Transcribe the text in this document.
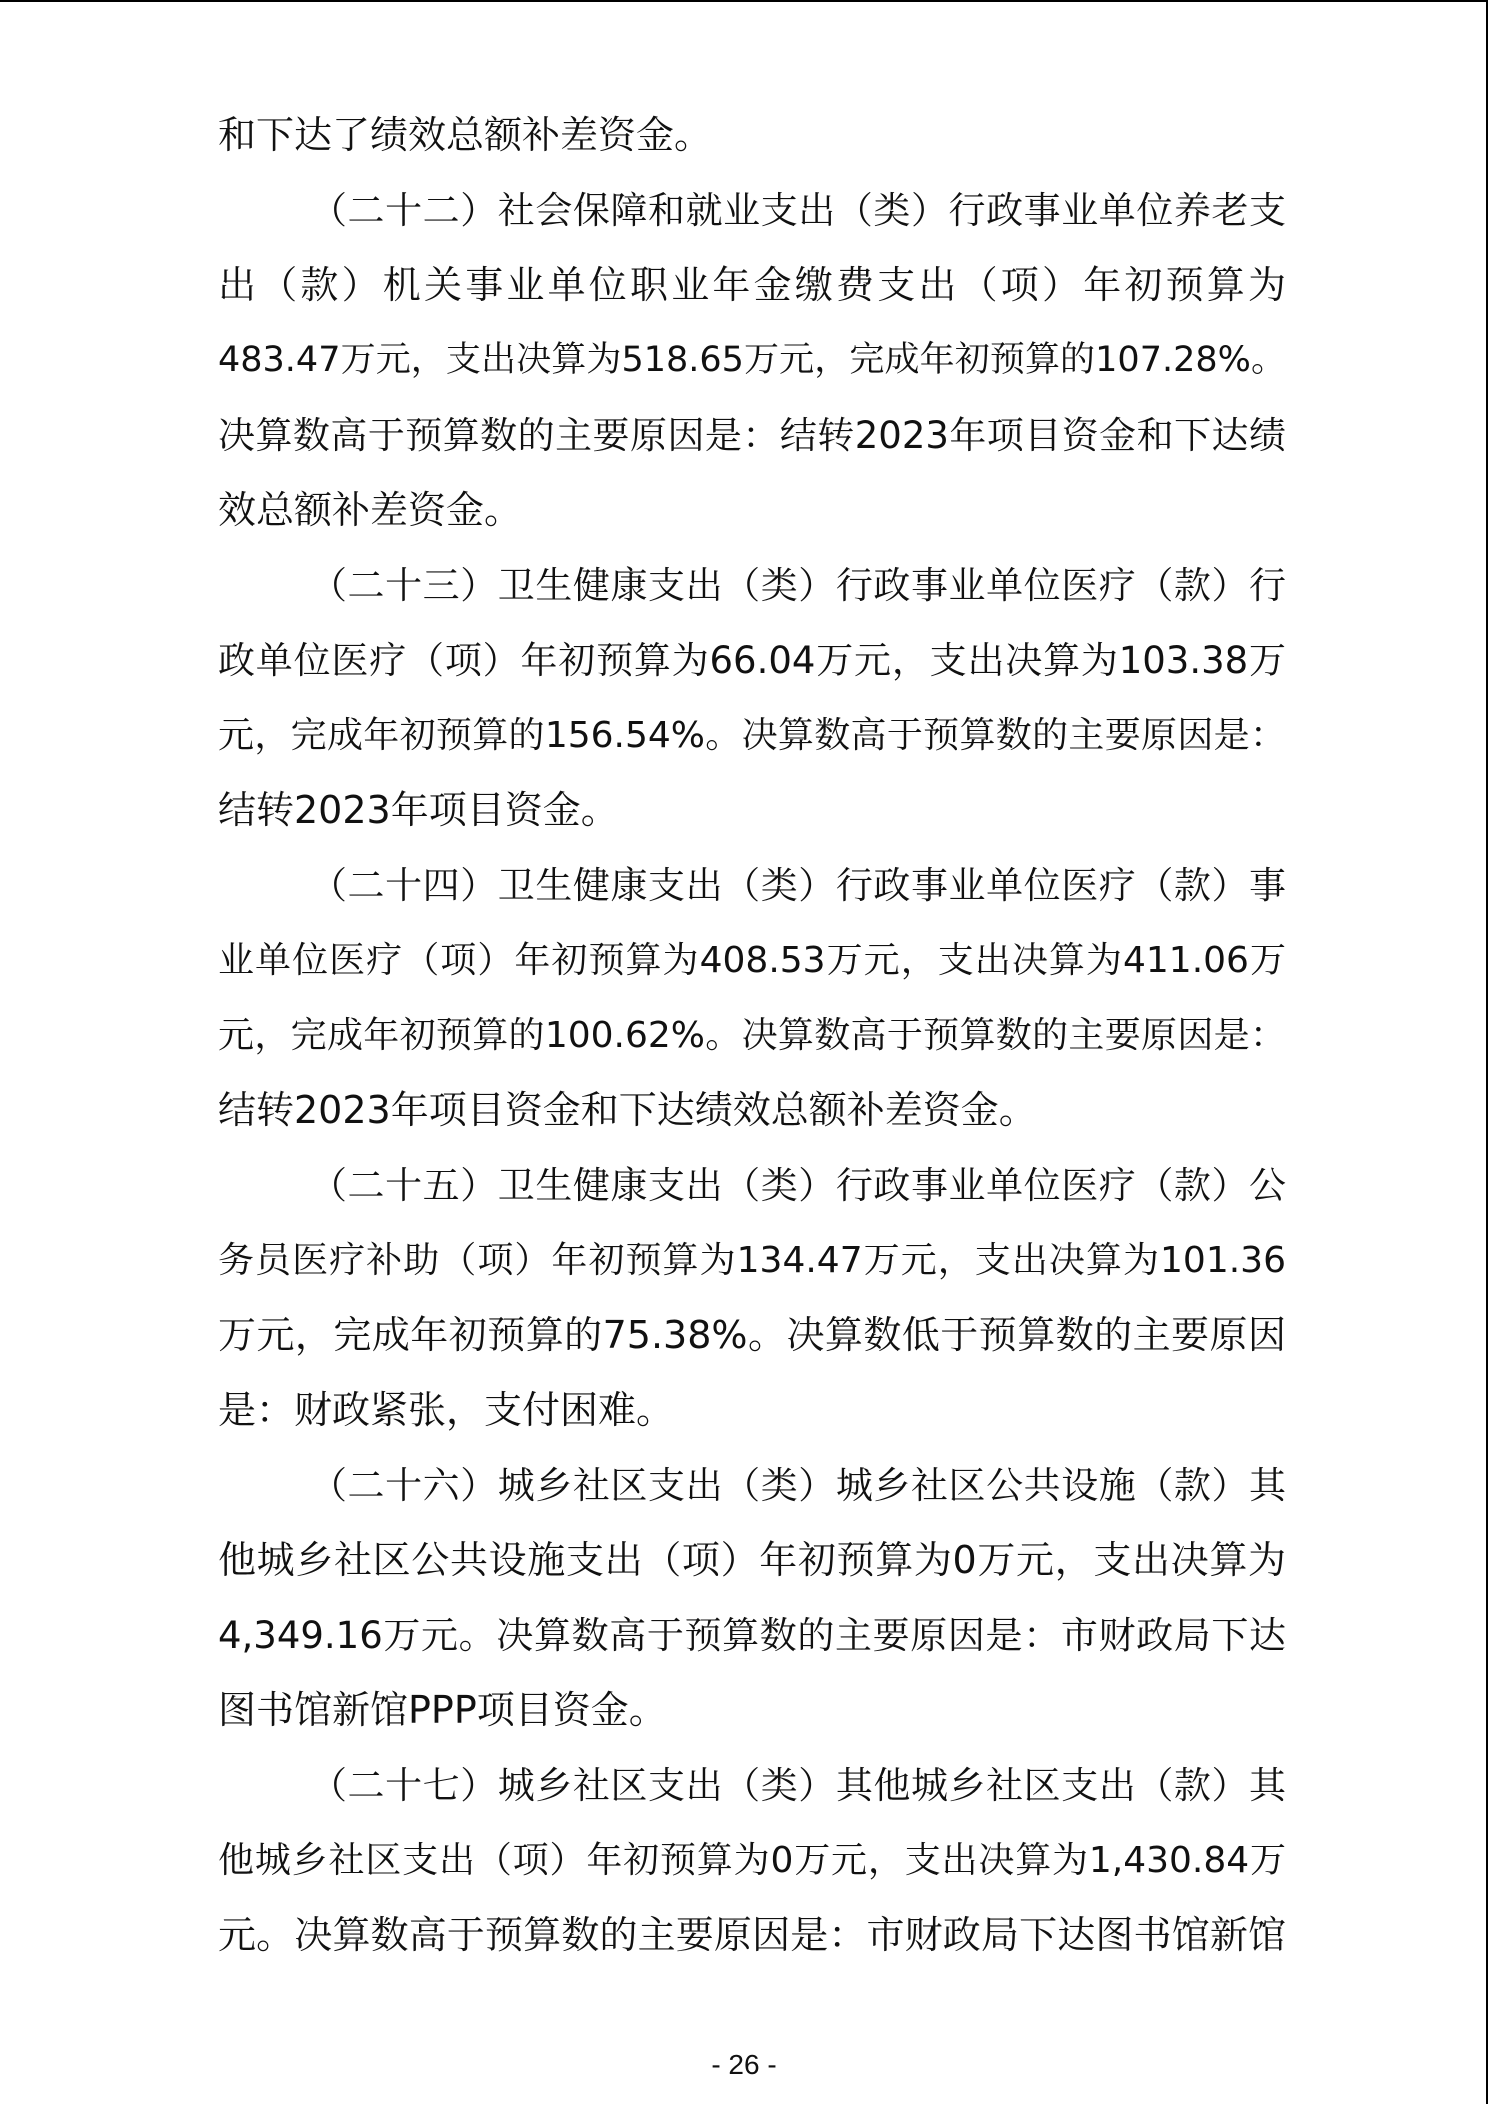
和下达了绩效总额补差资金。
（二十二）社会保障和就业支出（类）行政事业单位养老支
出（款）机关事业单位职业年金缴费支出（项）年初预算为
483.47万元，支出决算为518.65万元，完成年初预算的107.28%。
决算数高于预算数的主要原因是：结转2023年项目资金和下达绩
效总额补差资金。
（二十三）卫生健康支出（类）行政事业单位医疗（款）行
政单位医疗（项）年初预算为66.04万元，支出决算为103.38万
元，完成年初预算的156.54%。决算数高于预算数的主要原因是：
结转2023年项目资金。
（二十四）卫生健康支出（类）行政事业单位医疗（款）事
业单位医疗（项）年初预算为408.53万元，支出决算为411.06万
元，完成年初预算的100.62%。决算数高于预算数的主要原因是：
结转2023年项目资金和下达绩效总额补差资金。
（二十五）卫生健康支出（类）行政事业单位医疗（款）公
务员医疗补助（项）年初预算为134.47万元，支出决算为101.36
万元，完成年初预算的75.38%。决算数低于预算数的主要原因
是：财政紧张，支付困难。
（二十六）城乡社区支出（类）城乡社区公共设施（款）其
他城乡社区公共设施支出（项）年初预算为0万元，支出决算为
4,349.16万元。决算数高于预算数的主要原因是：市财政局下达
图书馆新馆PPP项目资金。
（二十七）城乡社区支出（类）其他城乡社区支出（款）其
他城乡社区支出（项）年初预算为0万元，支出决算为1,430.84万
元。决算数高于预算数的主要原因是：市财政局下达图书馆新馆
- 26 -
